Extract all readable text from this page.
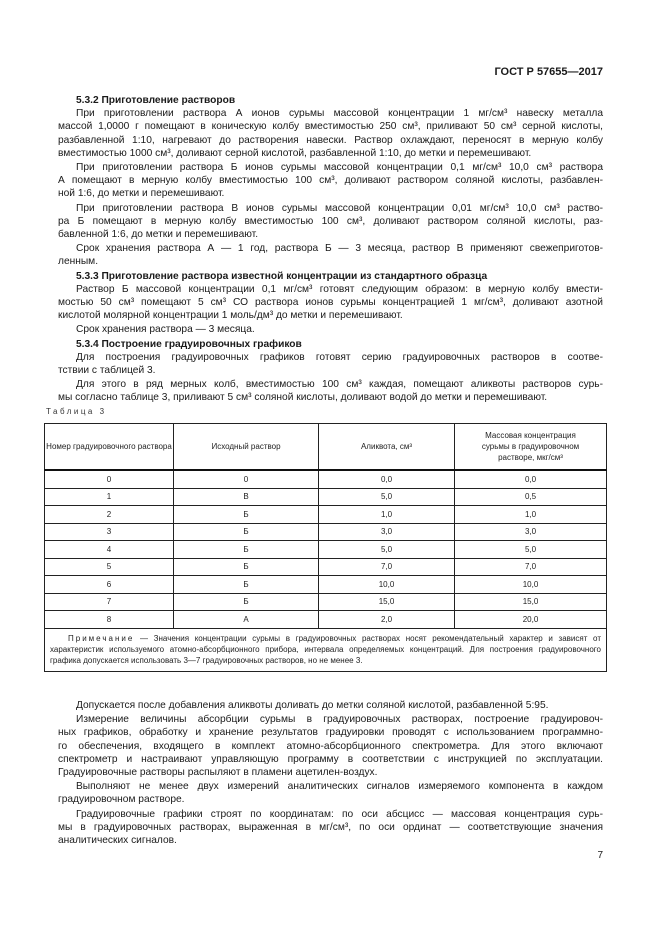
ГОСТ Р 57655—2017
5.3.2 Приготовление растворов
При приготовлении раствора А ионов сурьмы массовой концентрации 1 мг/см³ навеску металла
массой 1,0000 г помещают в коническую колбу вместимостью 250 см³, приливают 50 см³ серной кислоты,
разбавленной 1:10, нагревают до растворения навески. Раствор охлаждают, переносят в мерную колбу
вместимостью 1000 см³, доливают серной кислотой, разбавленной 1:10, до метки и перемешивают.
При приготовлении раствора Б ионов сурьмы массовой концентрации 0,1 мг/см³ 10,0 см³ раствора
А помещают в мерную колбу вместимостью 100 см³, доливают раствором соляной кислоты, разбавлен-
ной 1:6, до метки и перемешивают.
При приготовлении раствора В ионов сурьмы массовой концентрации 0,01 мг/см³ 10,0 см³ раство-
ра Б помещают в мерную колбу вместимостью 100 см³, доливают раствором соляной кислоты, раз-
бавленной 1:6, до метки и перемешивают.
Срок хранения раствора А — 1 год, раствора Б — 3 месяца, раствор В применяют свежеприготов-
ленным.
5.3.3 Приготовление раствора известной концентрации из стандартного образца
Раствор Б массовой концентрации 0,1 мг/см³ готовят следующим образом: в мерную колбу вмести-
мостью 50 см³ помещают 5 см³ СО раствора ионов сурьмы концентрацией 1 мг/см³, доливают азотной
кислотой молярной концентрации 1 моль/дм³ до метки и перемешивают.
Срок хранения раствора — 3 месяца.
5.3.4 Построение градуировочных графиков
Для построения градуировочных графиков готовят серию градуировочных растворов в соотве-
тствии с таблицей 3.
Для этого в ряд мерных колб, вместимостью 100 см³ каждая, помещают аликвоты растворов сурь-
мы согласно таблице 3, приливают 5 см³ соляной кислоты, доливают водой до метки и перемешивают.
Таблица 3
Номер градуировочного раствора	Исходный раствор	Аликвота, см³	Массовая концентрация сурьмы в градуировочном растворе, мкг/см³
0	0	0,0	0,0
1	В	5,0	0,5
2	Б	1,0	1,0
3	Б	3,0	3,0
4	Б	5,0	5,0
5	Б	7,0	7,0
6	Б	10,0	10,0
7	Б	15,0	15,0
8	А	2,0	20,0
Примечание — Значения концентрации сурьмы в градуировочных растворах носят рекомендательный характер и зависят от характеристик используемого атомно-абсорбционного прибора, интервала определяемых концентраций. Для построения градуировочного графика допускается использовать 3—7 градуировочных растворов, но не менее 3.			
Допускается после добавления аликвоты доливать до метки соляной кислотой, разбавленной 5:95.
Измерение величины абсорбции сурьмы в градуировочных растворах, построение градуировоч-
ных графиков, обработку и хранение результатов градуировки проводят с использованием программно-
го обеспечения, входящего в комплект атомно-абсорбционного спектрометра. Для этого включают
спектрометр и настраивают управляющую программу в соответствии с инструкцией по эксплуатации.
Градуировочные растворы распыляют в пламени ацетилен-воздух.
Выполняют не менее двух измерений аналитических сигналов измеряемого компонента в каждом
градуировочном растворе.
Градуировочные графики строят по координатам: по оси абсцисс — массовая концентрация сурь-
мы в градуировочных растворах, выраженная в мг/см³, по оси ординат — соответствующие значения
аналитических сигналов.
7
